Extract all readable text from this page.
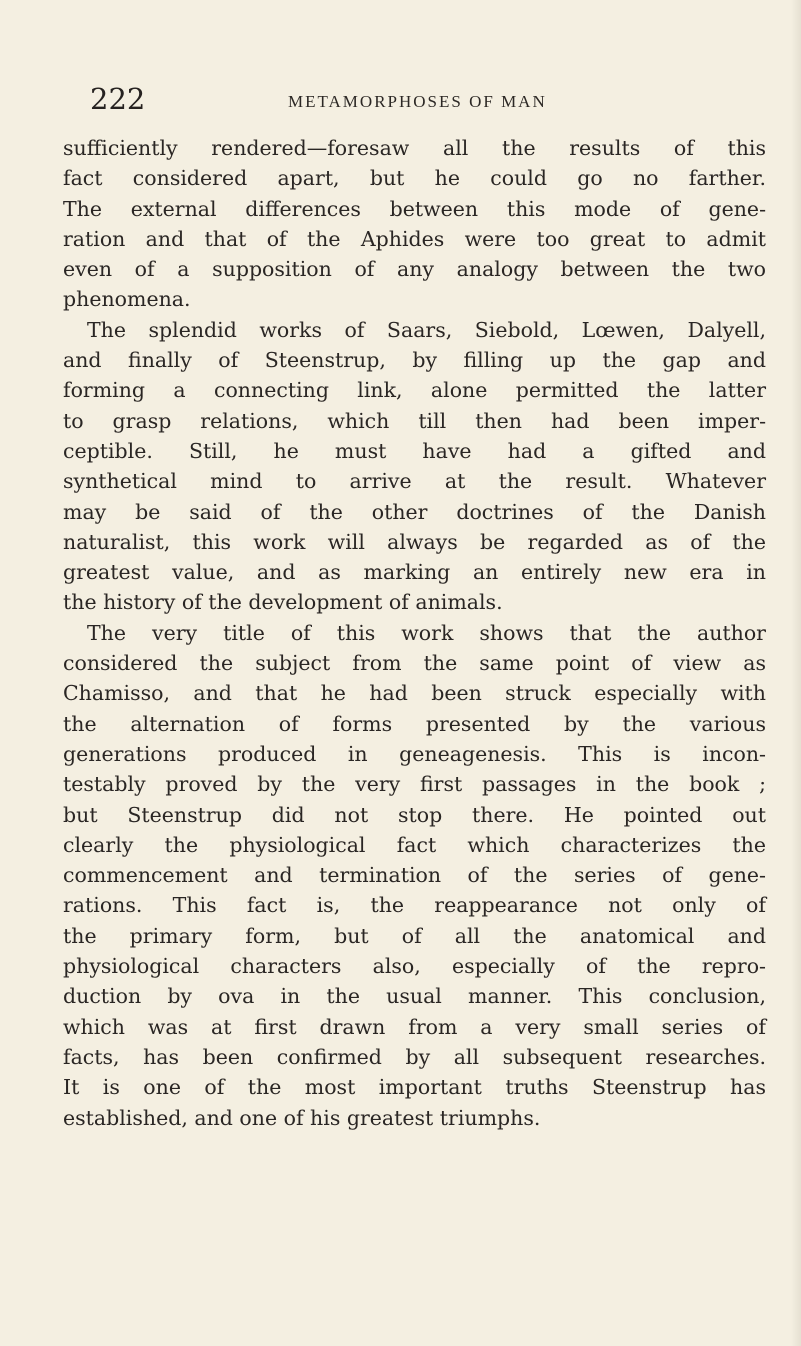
222	METAMORPHOSES OF MAN
sufficiently rendered—foresaw all the results of this
fact considered apart, but he could go no farther.
The external differences between this mode of gene-
ration and that of the Aphides were too great to admit
even of a supposition of any analogy between the two
phenomena.
The splendid works of Saars, Siebold, Lœwen, Dalyell,
and finally of Steenstrup, by filling up the gap and
forming a connecting link, alone permitted the latter
to grasp relations, which till then had been imper-
ceptible. Still, he must have had a gifted and
synthetical mind to arrive at the result. Whatever
may be said of the other doctrines of the Danish
naturalist, this work will always be regarded as of the
greatest value, and as marking an entirely new era in
the history of the development of animals.
The very title of this work shows that the author
considered the subject from the same point of view as
Chamisso, and that he had been struck especially with
the alternation of forms presented by the various
generations produced in geneagenesis. This is incon-
testably proved by the very first passages in the book ;
but Steenstrup did not stop there. He pointed out
clearly the physiological fact which characterizes the
commencement and termination of the series of gene-
rations. This fact is, the reappearance not only of
the primary form, but of all the anatomical and
physiological characters also, especially of the repro-
duction by ova in the usual manner. This conclusion,
which was at first drawn from a very small series of
facts, has been confirmed by all subsequent researches.
It is one of the most important truths Steenstrup has
established, and one of his greatest triumphs.
